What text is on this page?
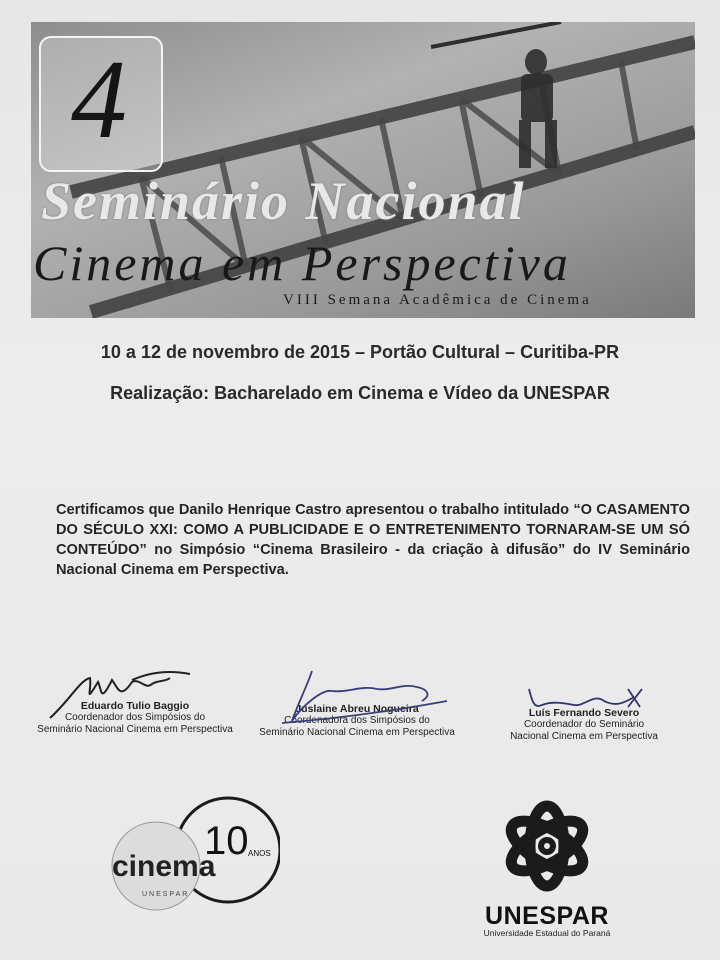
4
Seminário Nacional
Cinema em Perspectiva
VIII Semana Acadêmica de Cinema
10 a 12 de novembro de 2015 – Portão Cultural – Curitiba-PR
Realização: Bacharelado em Cinema e Vídeo da UNESPAR
Certificamos que Danilo Henrique Castro apresentou o trabalho intitulado “O CASAMENTO DO SÉCULO XXI: COMO A PUBLICIDADE E O ENTRETENIMENTO TORNARAM-SE UM SÓ CONTEÚDO” no Simpósio “Cinema Brasileiro - da criação à difusão” do IV Seminário Nacional Cinema em Perspectiva.
Eduardo Tulio Baggio
Coordenador dos Simpósios do
Seminário Nacional Cinema em Perspectiva
Juslaine Abreu Nogueira
Coordenadora dos Simpósios do
Seminário Nacional Cinema em Perspectiva
Luís Fernando Severo
Coordenador do Seminário
Nacional Cinema em Perspectiva
cinema
10 ANOS
UNESPAR
UNESPAR
Universidade Estadual do Paraná
